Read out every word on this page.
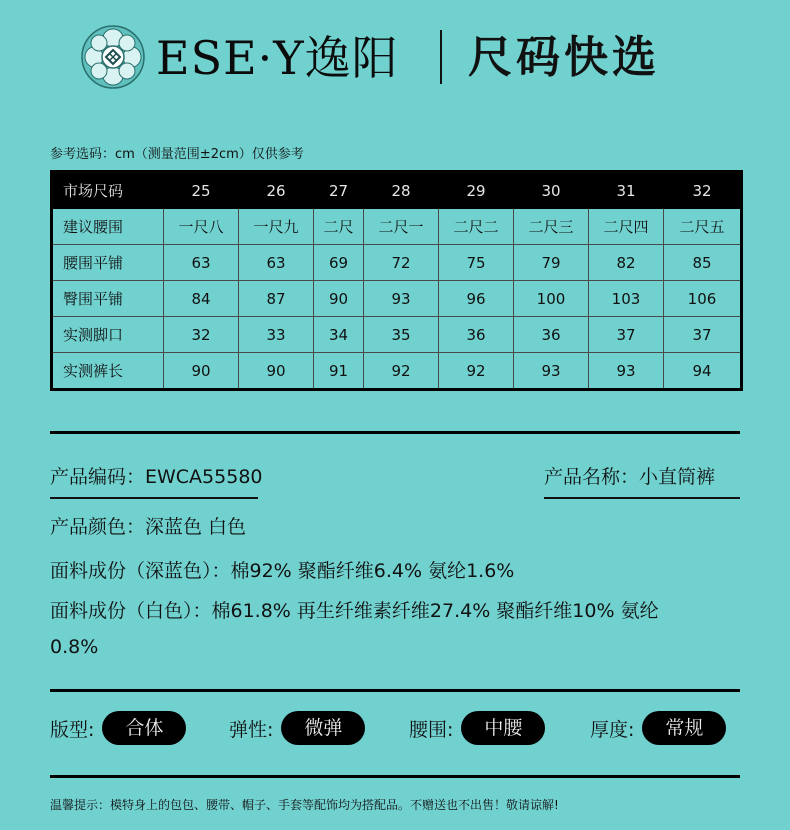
ESE·Y逸阳 尺码快选
参考选码：cm（测量范围±2cm）仅供参考
市场尺码	25	26	27	28	29	30	31	32
建议腰围	一尺八	一尺九	二尺	二尺一	二尺二	二尺三	二尺四	二尺五
腰围平铺	63	63	69	72	75	79	82	85
臀围平铺	84	87	90	93	96	100	103	106
实测脚口	32	33	34	35	36	36	37	37
实测裤长	90	90	91	92	92	93	93	94
产品编码：EWCA55580	产品名称：小直筒裤
产品颜色：深蓝色 白色
面料成份（深蓝色）：棉92% 聚酯纤维6.4% 氨纶1.6%
面料成份（白色）：棉61.8% 再生纤维素纤维27.4% 聚酯纤维10% 氨纶
0.8%
版型:	合体	弹性:	微弹	腰围:	中腰	厚度:	常规
温馨提示：模特身上的包包、腰带、帽子、手套等配饰均为搭配品。不赠送也不出售！敬请谅解!
